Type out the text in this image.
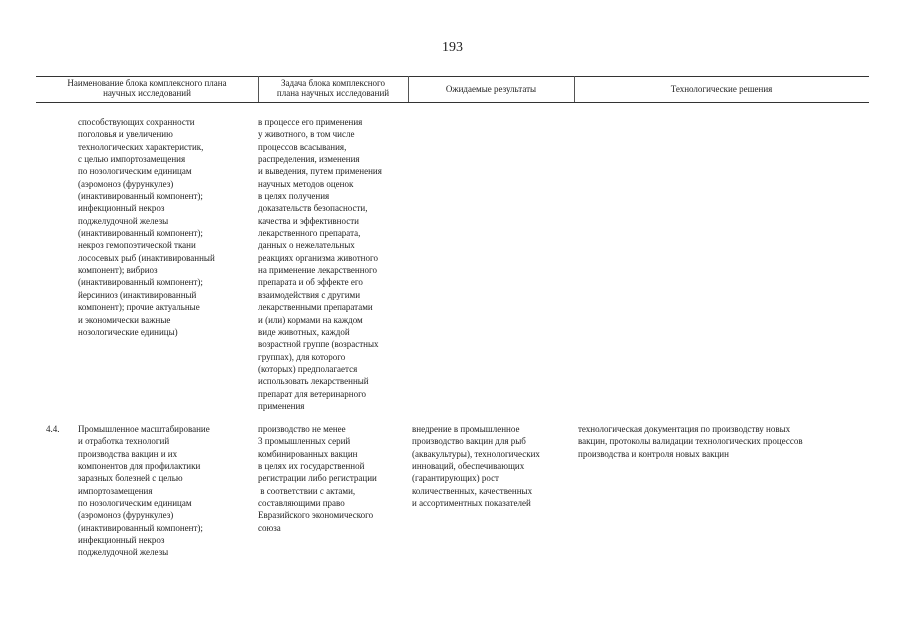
193
Наименование блока комплексного плана
научных исследований
Задача блока комплексного
плана научных исследований	Ожидаемые результаты	Технологические решения
способствующих сохранности
поголовья и увеличению
технологических характеристик,
с целью импортозамещения
по нозологическим единицам
(аэромоноз (фурункулез)
(инактивированный компонент);
инфекционный некроз
поджелудочной железы
(инактивированный компонент);
некроз гемопоэтической ткани
лососевых рыб (инактивированный
компонент); вибриоз
(инактивированный компонент);
йерсиниоз (инактивированный
компонент); прочие актуальные
и экономически важные
нозологические единицы)
в процессе его применения
у животного, в том числе
процессов всасывания,
распределения, изменения
и выведения, путем применения
научных методов оценок
в целях получения
доказательств безопасности,
качества и эффективности
лекарственного препарата,
данных о нежелательных
реакциях организма животного
на применение лекарственного
препарата и об эффекте его
взаимодействия с другими
лекарственными препаратами
и (или) кормами на каждом
виде животных, каждой
возрастной группе (возрастных
группах), для которого
(которых) предполагается
использовать лекарственный
препарат для ветеринарного
применения
4.4. Промышленное масштабирование
и отработка технологий
производства вакцин и их
компонентов для профилактики
заразных болезней с целью
импортозамещения
по нозологическим единицам
(аэромоноз (фурункулез)
(инактивированный компонент);
инфекционный некроз
поджелудочной железы
производство не менее
3 промышленных серий
комбинированных вакцин
в целях их государственной
регистрации либо регистрации
в соответствии с актами,
составляющими право
Евразийского экономического
союза
внедрение в промышленное
производство вакцин для рыб
(аквакультуры), технологических
инноваций, обеспечивающих
(гарантирующих) рост
количественных, качественных
и ассортиментных показателей
технологическая документация по производству новых
вакцин, протоколы валидации технологических процессов
производства и контроля новых вакцин
